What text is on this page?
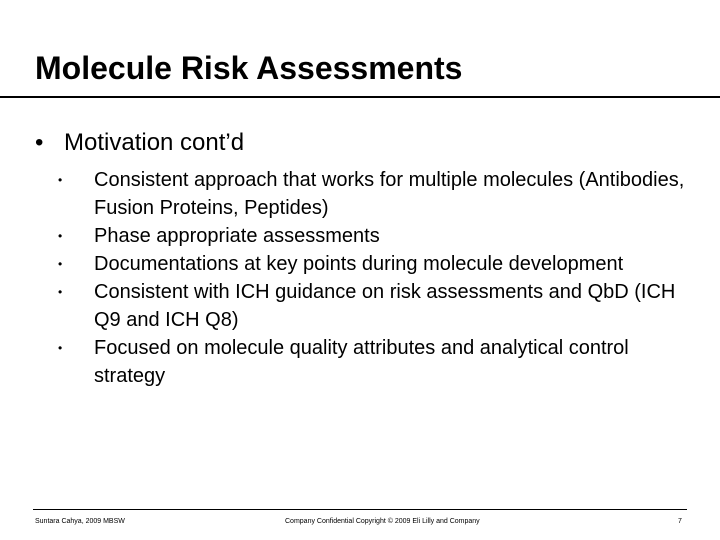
Molecule Risk Assessments
• Motivation cont’d
• Consistent approach that works for multiple molecules (Antibodies, Fusion Proteins, Peptides)
• Phase appropriate assessments
• Documentations at key points during molecule development
• Consistent with ICH guidance on risk assessments and QbD (ICH Q9 and ICH Q8)
• Focused on molecule quality attributes and analytical control strategy
Suntara Cahya, 2009 MBSW	Company Confidential Copyright © 2009 Eli Lilly and Company	7
